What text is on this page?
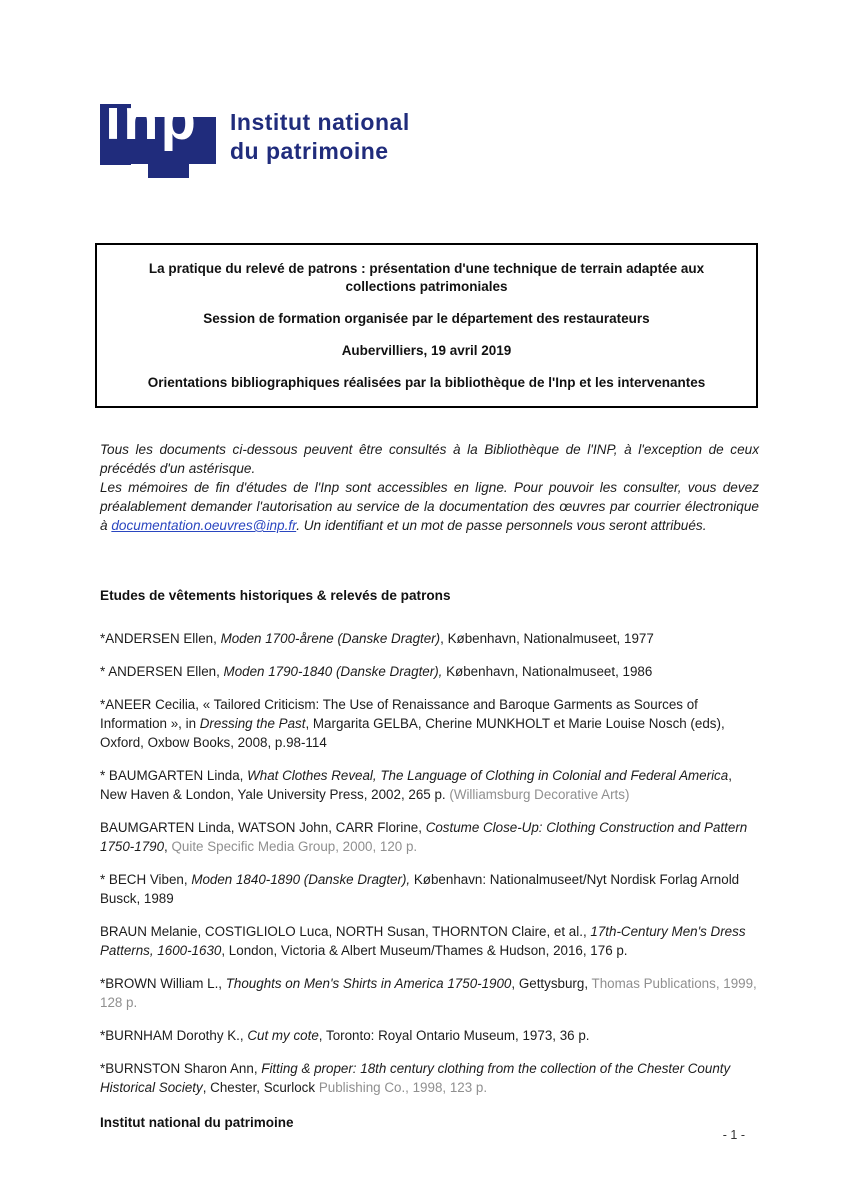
inp Institut national
du patrimoine

La pratique du relevé de patrons : présentation d'une technique de terrain adaptée aux collections patrimoniales

Session de formation organisée par le département des restaurateurs

Aubervilliers, 19 avril 2019

Orientations bibliographiques réalisées par la bibliothèque de l'Inp et les intervenantes

Tous les documents ci-dessous peuvent être consultés à la Bibliothèque de l'INP, à l'exception de ceux précédés d'un astérisque.

Les mémoires de fin d'études de l'Inp sont accessibles en ligne. Pour pouvoir les consulter, vous devez préalablement demander l'autorisation au service de la documentation des œuvres par courrier électronique à documentation.oeuvres@inp.fr. Un identifiant et un mot de passe personnels vous seront attribués.

Etudes de vêtements historiques & relevés de patrons

*ANDERSEN Ellen, Moden 1700-årene (Danske Dragter), København, Nationalmuseet, 1977

* ANDERSEN Ellen, Moden 1790-1840 (Danske Dragter), København, Nationalmuseet, 1986

*ANEER Cecilia, « Tailored Criticism: The Use of Renaissance and Baroque Garments as Sources of Information », in Dressing the Past, Margarita GELBA, Cherine MUNKHOLT et Marie Louise Nosch (eds), Oxford, Oxbow Books, 2008, p.98-114

* BAUMGARTEN Linda, What Clothes Reveal, The Language of Clothing in Colonial and Federal America, New Haven & London, Yale University Press, 2002, 265 p. (Williamsburg Decorative Arts)

BAUMGARTEN Linda, WATSON John, CARR Florine, Costume Close-Up: Clothing Construction and Pattern 1750-1790, Quite Specific Media Group, 2000, 120 p.

* BECH Viben, Moden 1840-1890 (Danske Dragter), København: Nationalmuseet/Nyt Nordisk Forlag Arnold Busck, 1989

BRAUN Melanie, COSTIGLIOLO Luca, NORTH Susan, THORNTON Claire, et al., 17th-Century Men's Dress Patterns, 1600-1630, London, Victoria & Albert Museum/Thames & Hudson, 2016, 176 p.

*BROWN William L., Thoughts on Men's Shirts in America 1750-1900, Gettysburg, Thomas Publications, 1999, 128 p.

*BURNHAM Dorothy K., Cut my cote, Toronto: Royal Ontario Museum, 1973, 36 p.

*BURNSTON Sharon Ann, Fitting & proper: 18th century clothing from the collection of the Chester County Historical Society, Chester, Scurlock Publishing Co., 1998, 123 p.

Institut national du patrimoine
- 1 -
